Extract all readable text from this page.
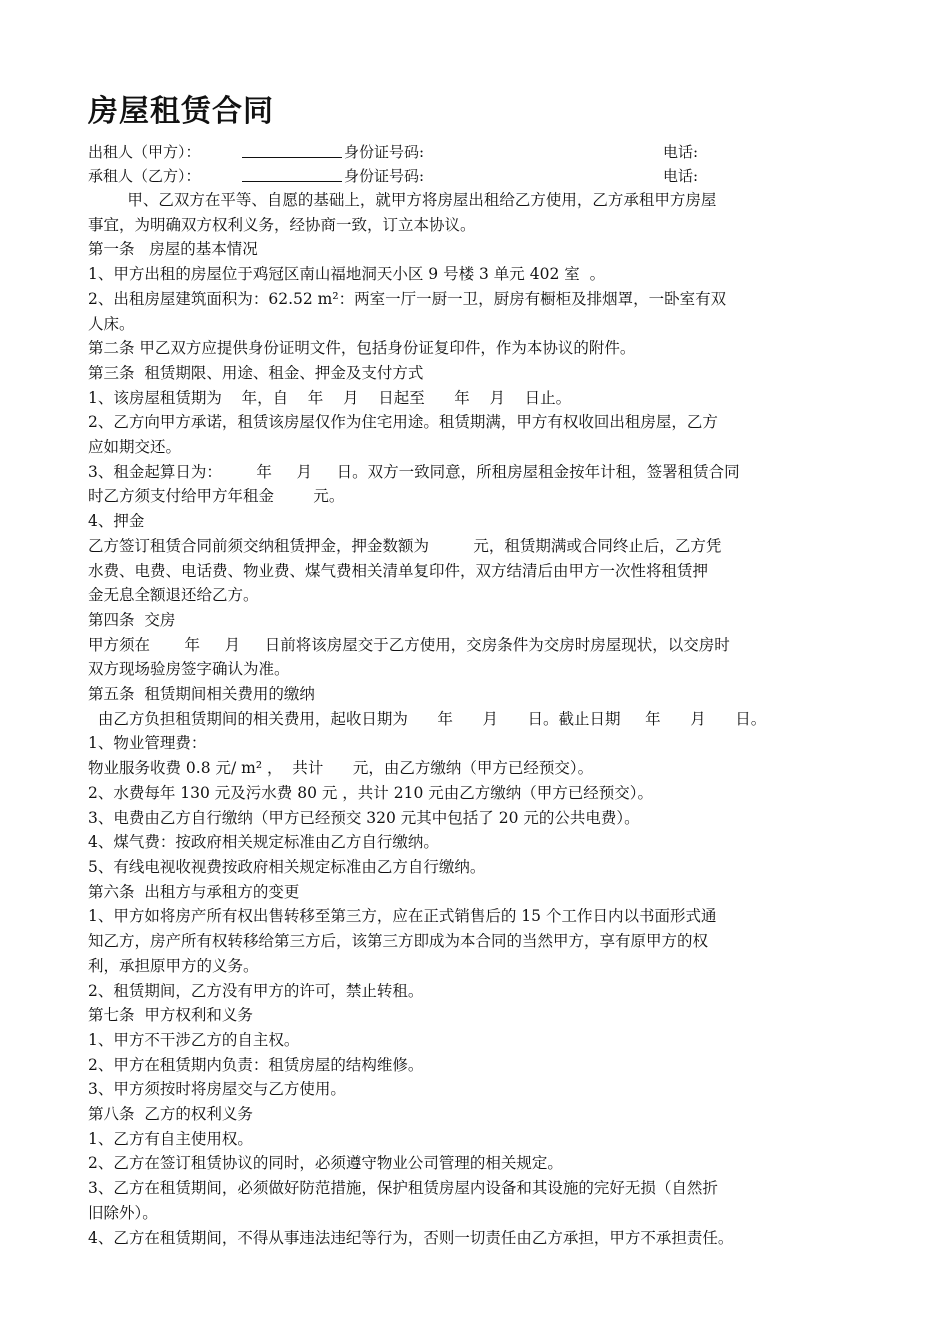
房屋租赁合同
出租人（甲方）：	身份证号码:	电话:
承租人（乙方）：	身份证号码:	电话:

甲、乙双方在平等、自愿的基础上，就甲方将房屋出租给乙方使用，乙方承租甲方房屋

事宜，为明确双方权利义务，经协商一致，订立本协议。

第一条   房屋的基本情况

1、甲方出租的房屋位于鸡冠区南山福地洞天小区 9 号楼 3 单元 402 室  。

2、出租房屋建筑面积为：62.52 m²：两室一厅一厨一卫，厨房有橱柜及排烟罩，一卧室有双

人床。

第二条 甲乙双方应提供身份证明文件，包括身份证复印件，作为本协议的附件。

第三条  租赁期限、用途、租金、押金及支付方式

1、该房屋租赁期为    年，自    年    月    日起至      年    月    日止。

2、乙方向甲方承诺，租赁该房屋仅作为住宅用途。租赁期满，甲方有权收回出租房屋，乙方

应如期交还。

3、租金起算日为：       年     月     日。双方一致同意，所租房屋租金按年计租，签署租赁合同

时乙方须支付给甲方年租金        元。

4、押金

乙方签订租赁合同前须交纳租赁押金，押金数额为         元，租赁期满或合同终止后，乙方凭

水费、电费、电话费、物业费、煤气费相关清单复印件，双方结清后由甲方一次性将租赁押

金无息全额退还给乙方。

第四条  交房

甲方须在       年     月     日前将该房屋交于乙方使用，交房条件为交房时房屋现状，以交房时

双方现场验房签字确认为准。

第五条  租赁期间相关费用的缴纳

由乙方负担租赁期间的相关费用，起收日期为      年      月      日。截止日期     年      月      日。

1、物业管理费：

物业服务收费 0.8 元/ m² ，  共计      元，由乙方缴纳（甲方已经预交）。

2、水费每年 130 元及污水费 80 元 ，共计 210 元由乙方缴纳（甲方已经预交）。

3、电费由乙方自行缴纳（甲方已经预交 320 元其中包括了 20 元的公共电费）。

4、煤气费：按政府相关规定标准由乙方自行缴纳。

5、有线电视收视费按政府相关规定标准由乙方自行缴纳。

第六条  出租方与承租方的变更

1、甲方如将房产所有权出售转移至第三方，应在正式销售后的 15 个工作日内以书面形式通

知乙方，房产所有权转移给第三方后，该第三方即成为本合同的当然甲方，享有原甲方的权

利，承担原甲方的义务。

2、租赁期间，乙方没有甲方的许可，禁止转租。

第七条  甲方权利和义务

1、甲方不干涉乙方的自主权。

2、甲方在租赁期内负责：租赁房屋的结构维修。

3、甲方须按时将房屋交与乙方使用。

第八条  乙方的权利义务

1、乙方有自主使用权。

2、乙方在签订租赁协议的同时，必须遵守物业公司管理的相关规定。

3、乙方在租赁期间，必须做好防范措施，保护租赁房屋内设备和其设施的完好无损（自然折

旧除外）。

4、乙方在租赁期间，不得从事违法违纪等行为，否则一切责任由乙方承担，甲方不承担责任。
